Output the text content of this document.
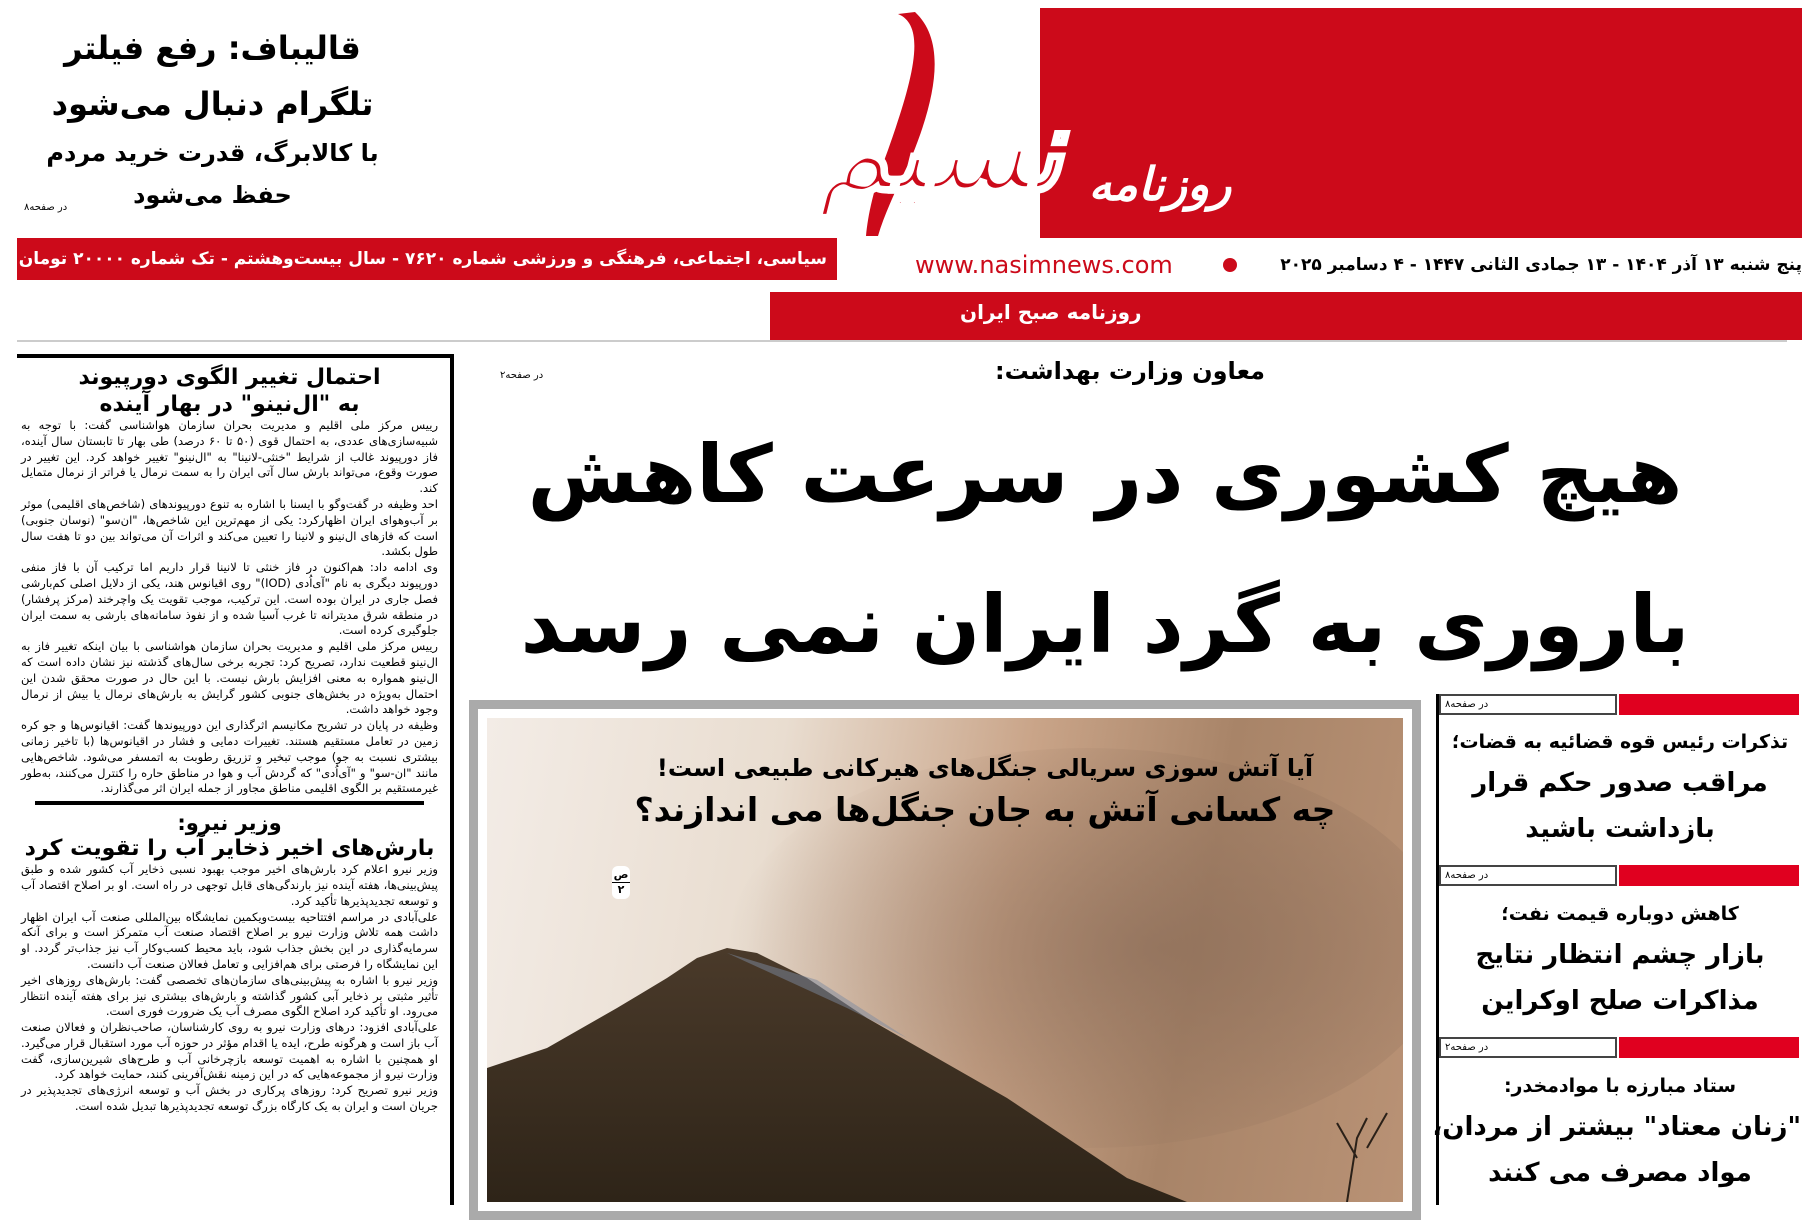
سیاسی، اجتماعی، فرهنگی و ورزشی شماره ۷۶۲۰ - سال بیست‌وهشتم - تک شماره ۲۰۰۰۰ تومان	www.nasimnews.com	پنج شنبه ۱۳ آذر ۱۴۰۴ - ۱۳ جمادی الثانی ۱۴۴۷ - ۴ دسامبر ۲۰۲۵
روزنامه
نسیم
روزنامه صبح ایران
قالیباف: رفع فیلتر
تلگرام دنبال می‌شود
با کالابرگ، قدرت خرید مردم
حفظ می‌شود
در صفحه۸
احتمال تغییر الگوی دورپیوند
به "ال‌نینو" در بهار آینده

رییس مرکز ملی اقلیم و مدیریت بحران سازمان هواشناسی گفت: با توجه به شبیه‌سازی‌های عددی، به احتمال قوی (۵۰ تا ۶۰ درصد) طی بهار تا تابستان سال آینده، فاز دورپیوند غالب از شرایط "خنثی-لانینا" به "ال‌نینو" تغییر خواهد کرد. این تغییر در صورت وقوع، می‌تواند بارش سال آتی ایران را به سمت نرمال یا فراتر از نرمال متمایل کند.

احد وظیفه در گفت‌وگو با ایسنا با اشاره به تنوع دورپیوندهای (شاخص‌های اقلیمی) موثر بر آب‌وهوای ایران اظهارکرد: یکی از مهم‌ترین این شاخص‌ها، "ان‌سو" (نوسان جنوبی) است که فازهای ال‌نینو و لانینا را تعیین می‌کند و اثرات آن می‌تواند بین دو تا هفت سال طول بکشد.

وی ادامه داد: هم‌اکنون در فاز خنثی تا لانینا قرار داریم اما ترکیب آن با فاز منفی دورپیوند دیگری به نام "آی‌اُدی (IOD)" روی اقیانوس هند، یکی از دلایل اصلی کم‌بارشی فصل جاری در ایران بوده است. این ترکیب، موجب تقویت یک واچرخند (مرکز پرفشار) در منطقه شرق مدیترانه تا غرب آسیا شده و از نفوذ سامانه‌های بارشی به سمت ایران جلوگیری کرده است.

رییس مرکز ملی اقلیم و مدیریت بحران سازمان هواشناسی با بیان اینکه تغییر فاز به ال‌نینو قطعیت ندارد، تصریح کرد: تجربه برخی سال‌های گذشته نیز نشان داده است که ال‌نینو همواره به معنی افزایش بارش نیست. با این حال در صورت محقق شدن این احتمال به‌ویژه در بخش‌های جنوبی کشور گرایش به بارش‌های نرمال یا بیش از نرمال وجود خواهد داشت.

وظیفه در پایان در تشریح مکانیسم اثرگذاری این دورپیوندها گفت: اقیانوس‌ها و جو کره زمین در تعامل مستقیم هستند. تغییرات دمایی و فشار در اقیانوس‌ها (با تاخیر زمانی بیشتری نسبت به جو) موجب تبخیر و تزریق رطوبت به اتمسفر می‌شود. شاخص‌هایی مانند "ان-سو" و "آی‌اُدی" که گردش آب و هوا در مناطق حاره را کنترل می‌کنند، به‌طور غیرمستقیم بر الگوی اقلیمی مناطق مجاور از جمله ایران اثر می‌گذارند.

وزیر نیرو:
بارش‌های اخیر ذخایر آب را تقویت کرد

وزیر نیرو اعلام کرد بارش‌های اخیر موجب بهبود نسبی ذخایر آب کشور شده و طبق پیش‌بینی‌ها، هفته آینده نیز بارندگی‌های قابل توجهی در راه است. او بر اصلاح اقتصاد آب و توسعه تجدیدپذیرها تأکید کرد.

علی‌آبادی در مراسم افتتاحیه بیست‌ویکمین نمایشگاه بین‌المللی صنعت آب ایران اظهار داشت همه تلاش وزارت نیرو بر اصلاح اقتصاد صنعت آب متمرکز است و برای آنکه سرمایه‌گذاری در این بخش جذاب شود، باید محیط کسب‌وکار آب نیز جذاب‌تر گردد. او این نمایشگاه را فرصتی برای هم‌افزایی و تعامل فعالان صنعت آب دانست.

وزیر نیرو با اشاره به پیش‌بینی‌های سازمان‌های تخصصی گفت: بارش‌های روزهای اخیر تأثیر مثبتی بر ذخایر آبی کشور گذاشته و بارش‌های بیشتری نیز برای هفته آینده انتظار می‌رود. او تأکید کرد اصلاح الگوی مصرف آب یک ضرورت فوری است.

علی‌آبادی افزود: درهای وزارت نیرو به روی کارشناسان، صاحب‌نظران و فعالان صنعت آب باز است و هرگونه طرح، ایده یا اقدام مؤثر در حوزه آب مورد استقبال قرار می‌گیرد. او همچنین با اشاره به اهمیت توسعه بازچرخانی آب و طرح‌های شیرین‌سازی، گفت وزارت نیرو از مجموعه‌هایی که در این زمینه نقش‌آفرینی کنند، حمایت خواهد کرد.

وزیر نیرو تصریح کرد: روزهای پرکاری در بخش آب و توسعه انرژی‌های تجدیدپذیر در جریان است و ایران به یک کارگاه بزرگ توسعه تجدیدپذیرها تبدیل شده است.

معاون وزارت بهداشت:
در صفحه۲
هیچ کشوری در سرعت کاهش
باروری به گرد ایران نمی رسد
آیا آتش سوزی سریالی جنگل‌های هیرکانی طبیعی است!
چه کسانی آتش به جان جنگل‌ها می اندازند؟
ص
۲
در صفحه۸
تذکرات رئیس قوه قضائیه به قضات؛
مراقب صدور حکم قرار
بازداشت باشید
در صفحه۸
کاهش دوباره قیمت نفت؛
بازار چشم انتظار نتایج
مذاکرات صلح اوکراین
در صفحه۲
ستاد مبارزه با موادمخدر:
"زنان معتاد" بیشتر از مردان،
مواد مصرف می کنند
